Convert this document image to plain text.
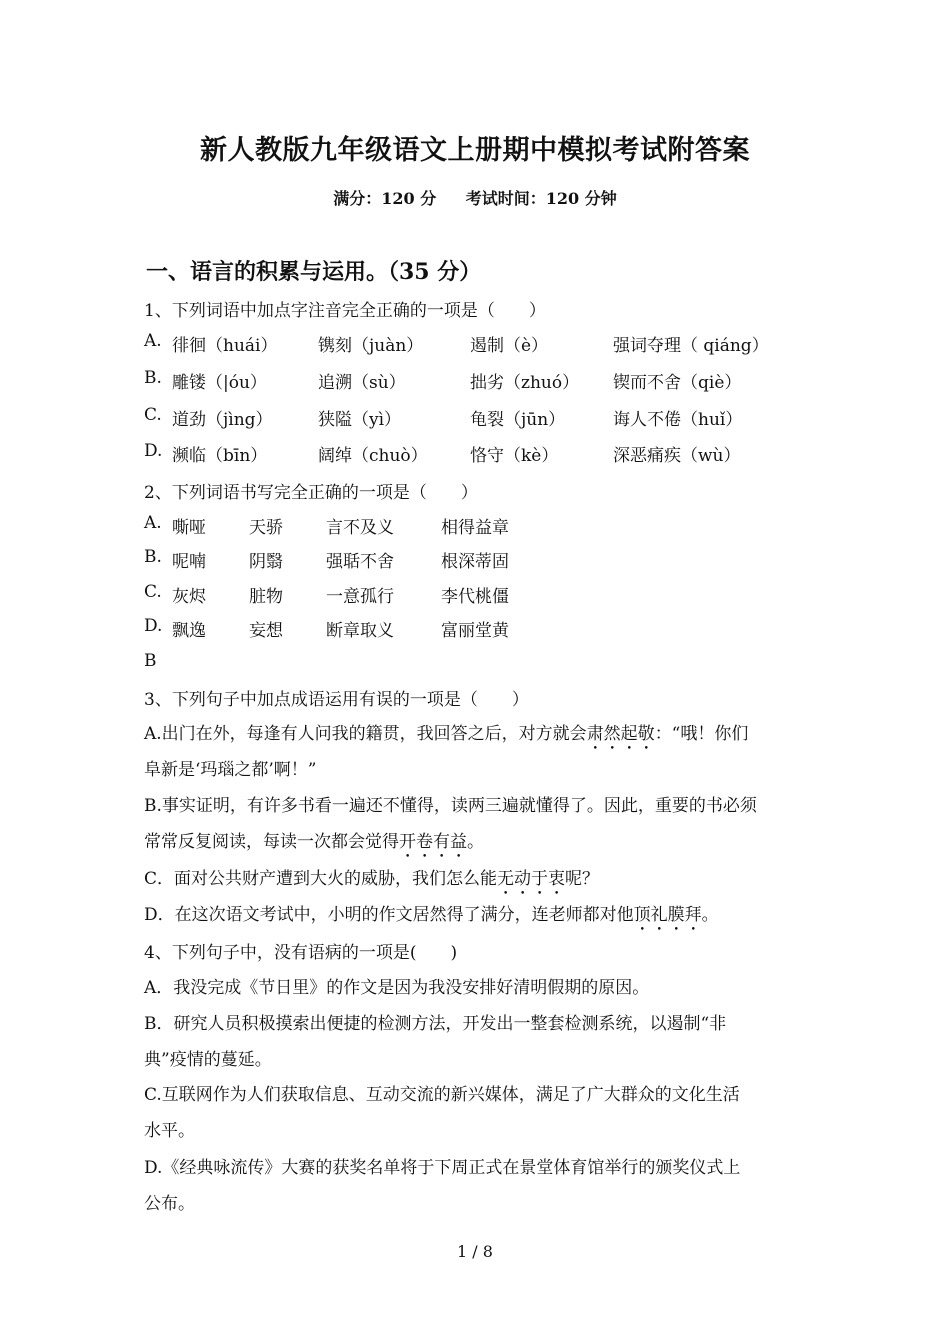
新人教版九年级语文上册期中模拟考试附答案
满分：120 分 考试时间：120 分钟
一、语言的积累与运用。（35 分）
1、下列词语中加点字注音完全正确的一项是（　　）
A. 徘徊（huái） 镌刻（juàn）	遏制（è）	强词夺理（ qiáng）
B. 雕镂（|óu）	追溯（sù）	拙劣（zhuó） 锲而不舍（qiè）
C. 道劲（jìng）	狭隘（yì）	龟裂（jūn）	诲人不倦（huǐ）
D. 濒临（bīn）	阔绰（chuò） 恪守（kè）	深恶痛疾（wù）
2、下列词语书写完全正确的一项是（　　）
A. 嘶哑	天骄	言不及义	相得益章
B. 呢喃	阴翳	强聒不舍	根深蒂固
C. 灰烬	脏物	一意孤行	李代桃僵
D. 飘逸	妄想	断章取义	富丽堂黄
B
3、下列句子中加点成语运用有误的一项是（　　）
A.出门在外，每逢有人问我的籍贯，我回答之后，对方就会肃然起敬：“哦！你们
阜新是‘玛瑙之都’啊！”
B.事实证明，有许多书看一遍还不懂得，读两三遍就懂得了。因此，重要的书必须
常常反复阅读，每读一次都会觉得开卷有益。
C．面对公共财产遭到大火的威胁，我们怎么能无动于衷呢？
D．在这次语文考试中，小明的作文居然得了满分，连老师都对他顶礼膜拜。
4、下列句子中，没有语病的一项是(　　)
A．我没完成《节日里》的作文是因为我没安排好清明假期的原因。
B．研究人员积极摸索出便捷的检测方法，开发出一整套检测系统，以遏制“非
典”疫情的蔓延。
C.互联网作为人们获取信息、互动交流的新兴媒体，满足了广大群众的文化生活
水平。
D.《经典咏流传》大赛的获奖名单将于下周正式在景堂体育馆举行的颁奖仪式上
公布。
1 / 8
